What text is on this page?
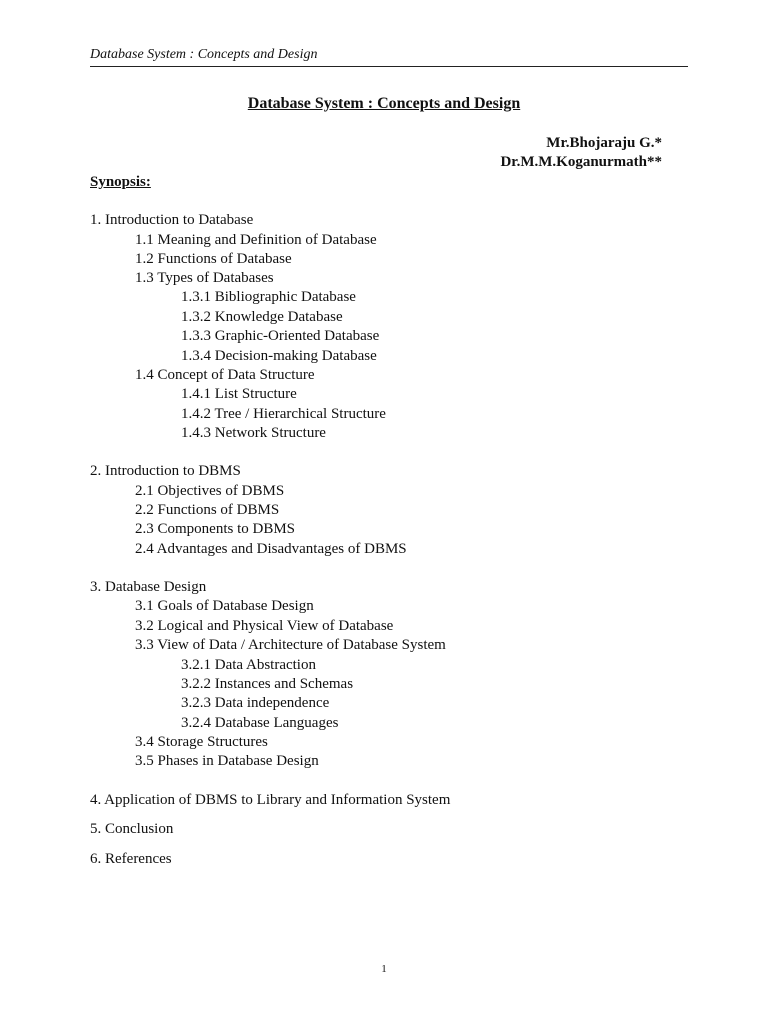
Database System : Concepts and Design
Database System : Concepts and Design
Mr.Bhojaraju G.*
Dr.M.M.Koganurmath**
Synopsis:
1. Introduction to Database
1.1 Meaning and Definition of Database
1.2 Functions of Database
1.3 Types of Databases
1.3.1 Bibliographic Database
1.3.2 Knowledge Database
1.3.3 Graphic-Oriented Database
1.3.4 Decision-making Database
1.4 Concept of Data Structure
1.4.1 List Structure
1.4.2 Tree / Hierarchical Structure
1.4.3 Network Structure
2. Introduction to DBMS
2.1 Objectives of DBMS
2.2 Functions of DBMS
2.3 Components to DBMS
2.4 Advantages and Disadvantages of DBMS
3. Database Design
3.1 Goals of Database Design
3.2 Logical and Physical View of Database
3.3 View of Data / Architecture of Database System
3.2.1 Data Abstraction
3.2.2 Instances and Schemas
3.2.3 Data independence
3.2.4 Database Languages
3.4 Storage Structures
3.5 Phases in Database Design
4. Application of DBMS to Library and Information System
5. Conclusion
6. References
1
